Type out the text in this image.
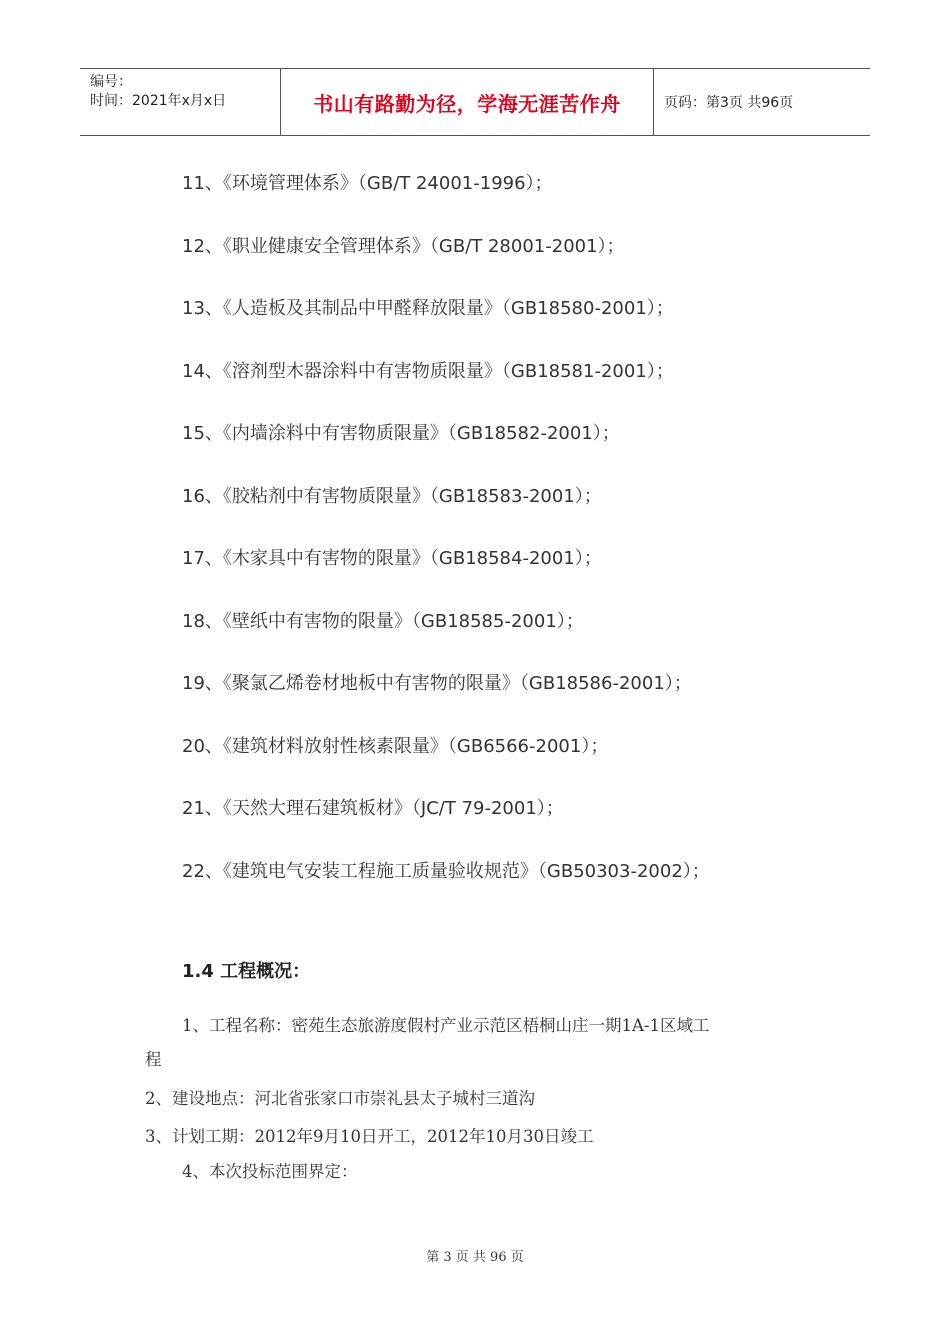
编号：
时间：2021年x月x日	书山有路勤为径，学海无涯苦作舟	页码：第3页 共96页
11、《环境管理体系》（GB/T 24001-1996）；
12、《职业健康安全管理体系》（GB/T 28001-2001）；
13、《人造板及其制品中甲醛释放限量》（GB18580-2001）；
14、《溶剂型木器涂料中有害物质限量》（GB18581-2001）；
15、《内墙涂料中有害物质限量》（GB18582-2001）；
16、《胶粘剂中有害物质限量》（GB18583-2001）；
17、《木家具中有害物的限量》（GB18584-2001）；
18、《壁纸中有害物的限量》（GB18585-2001）；
19、《聚氯乙烯卷材地板中有害物的限量》（GB18586-2001）；
20、《建筑材料放射性核素限量》（GB6566-2001）；
21、《天然大理石建筑板材》（JC/T 79-2001）；
22、《建筑电气安装工程施工质量验收规范》（GB50303-2002）；
1.4 工程概况：
1、工程名称：密苑生态旅游度假村产业示范区梧桐山庄一期1A-1区域工
程
2、建设地点：河北省张家口市崇礼县太子城村三道沟
3、计划工期：2012年9月10日开工，2012年10月30日竣工
4、本次投标范围界定：
第 3 页 共 96 页
